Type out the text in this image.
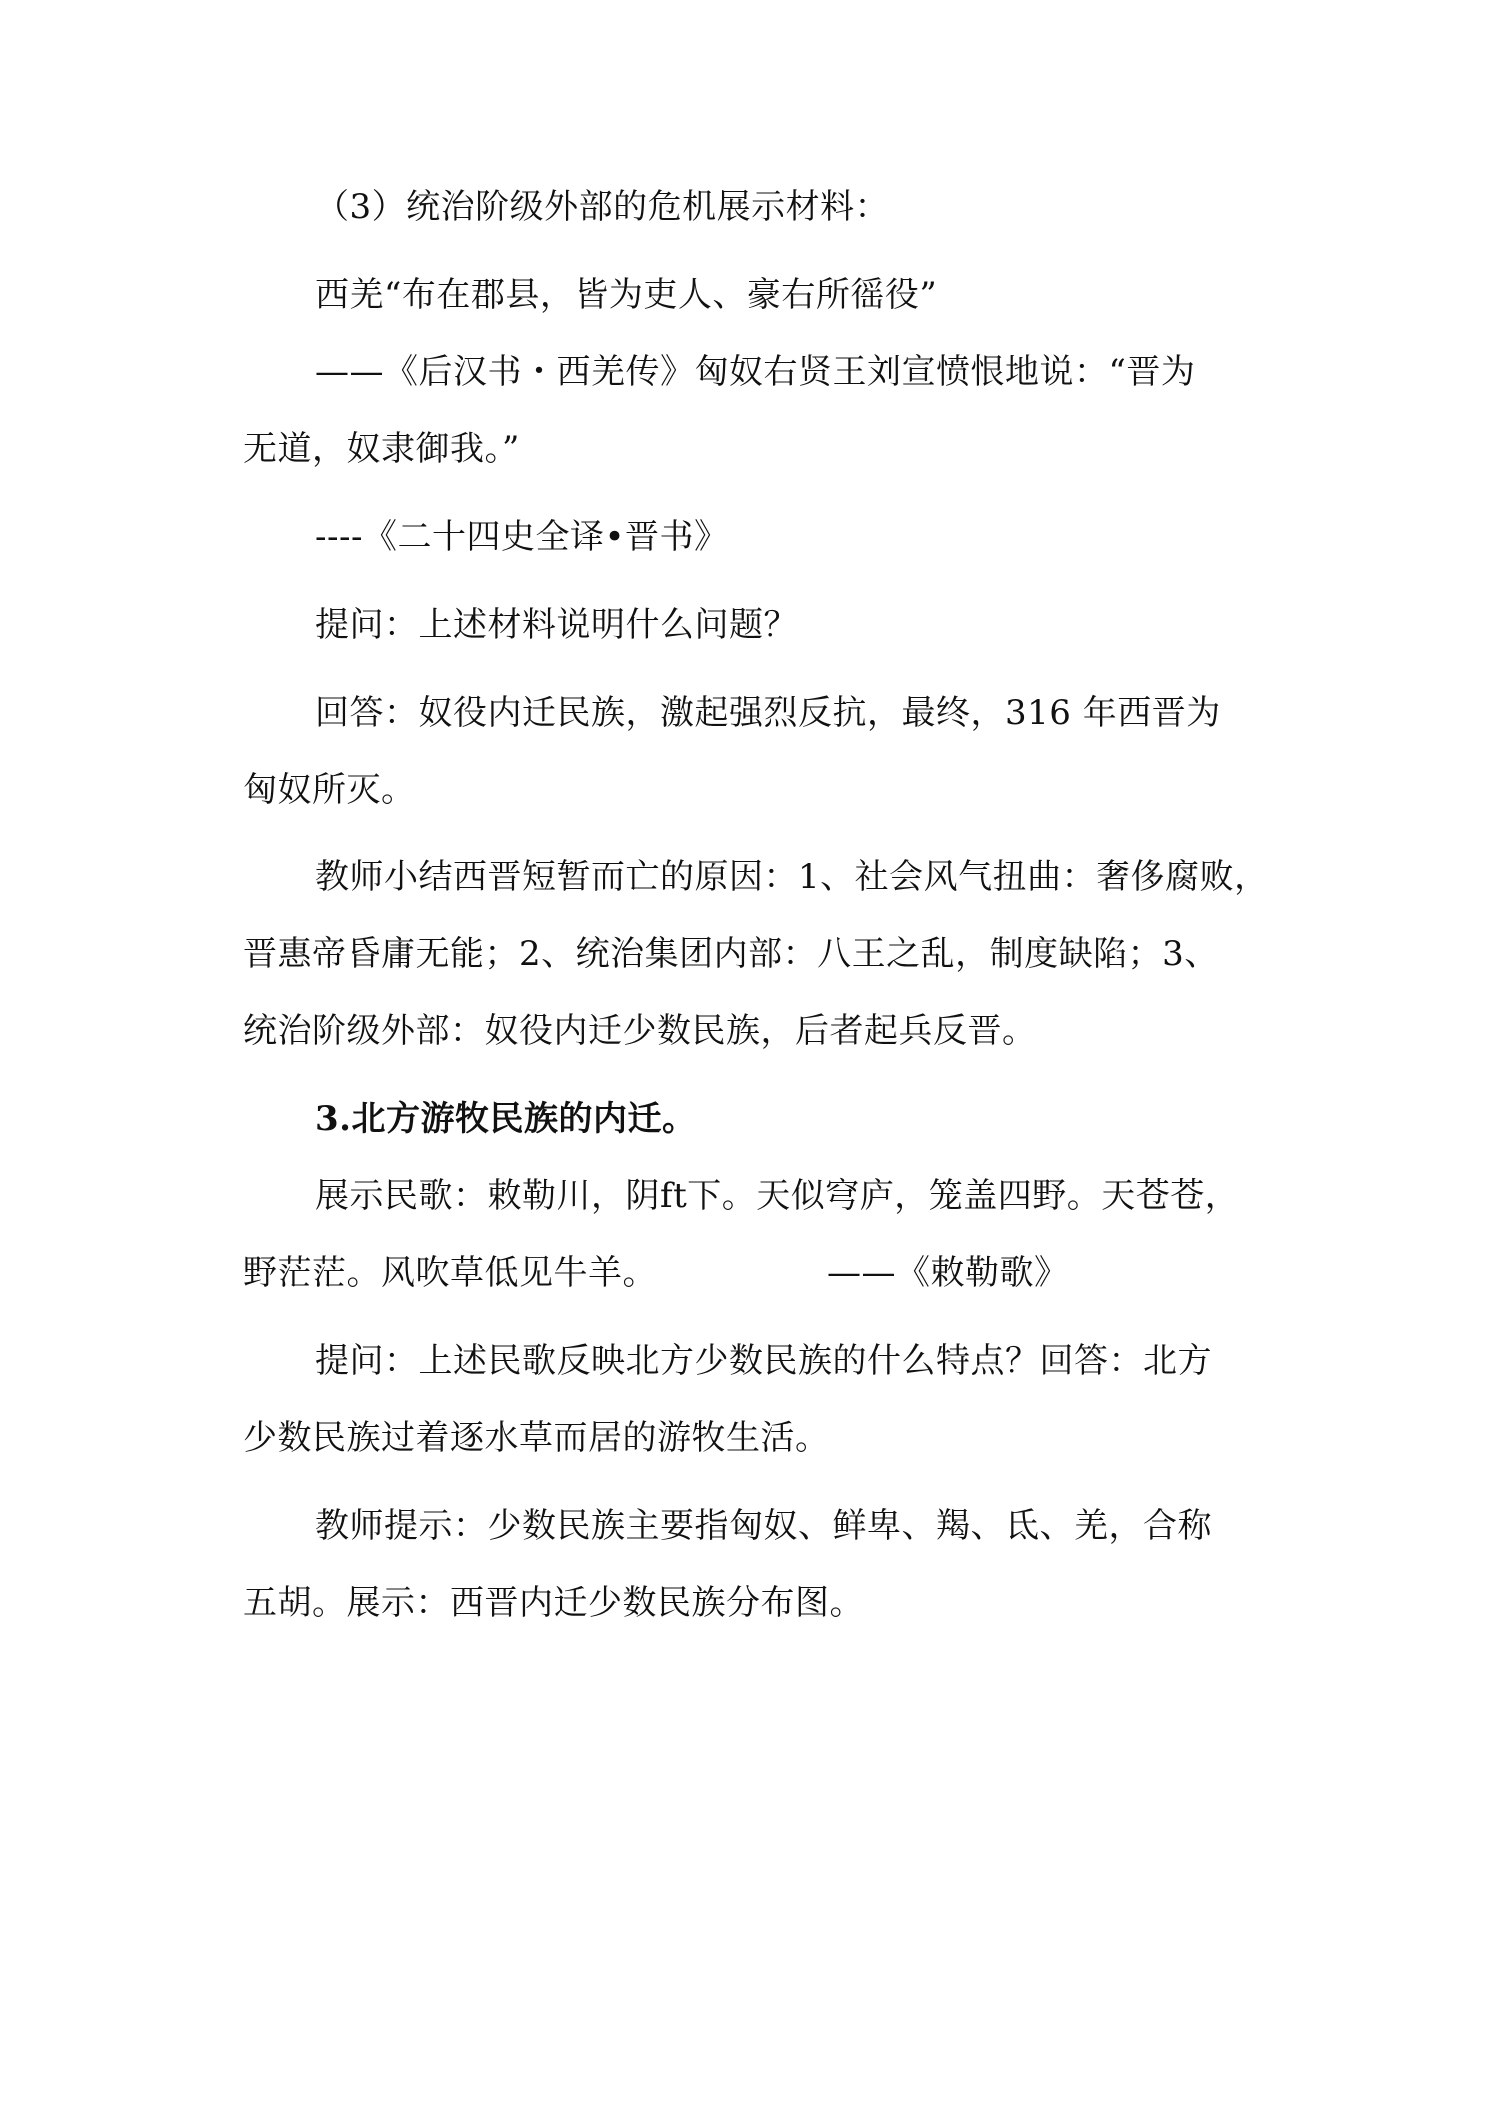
（3）统治阶级外部的危机展示材料：
西羌“布在郡县，皆为吏人、豪右所徭役”
——《后汉书・西羌传》匈奴右贤王刘宣愤恨地说：“晋为
无道，奴隶御我。”
----《二十四史全译•晋书》
提问：上述材料说明什么问题？
回答：奴役内迁民族，激起强烈反抗，最终，316 年西晋为
匈奴所灭。
教师小结西晋短暂而亡的原因：1、社会风气扭曲：奢侈腐败，
晋惠帝昏庸无能；2、统治集团内部：八王之乱，制度缺陷；3、
统治阶级外部：奴役内迁少数民族，后者起兵反晋。
3.北方游牧民族的内迁。
展示民歌：敕勒川，阴ft下。天似穹庐，笼盖四野。天苍苍，
野茫茫。风吹草低见牛羊。	——《敕勒歌》
提问：上述民歌反映北方少数民族的什么特点？回答：北方
少数民族过着逐水草而居的游牧生活。
教师提示：少数民族主要指匈奴、鲜卑、羯、氐、羌，合称
五胡。展示：西晋内迁少数民族分布图。
